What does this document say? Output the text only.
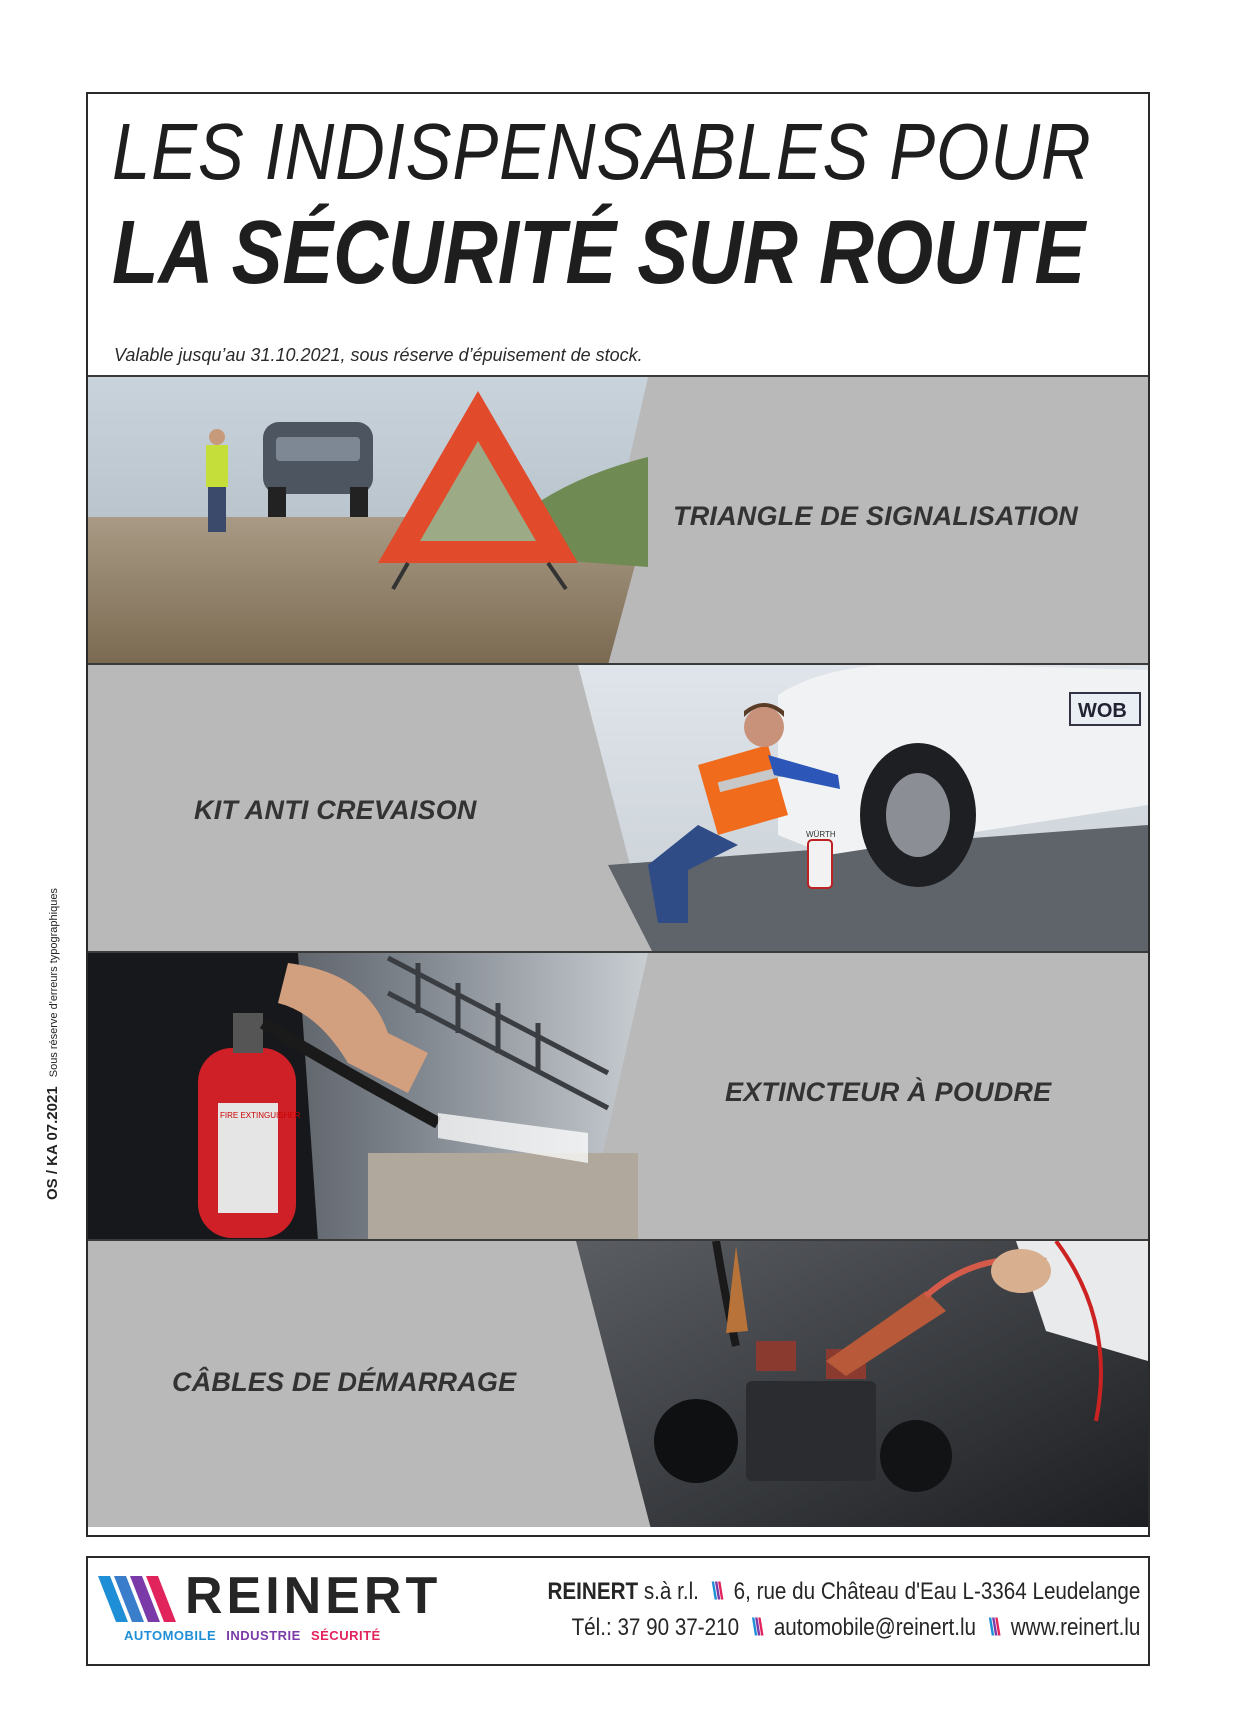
LES INDISPENSABLES POUR
LA SÉCURITÉ SUR ROUTE
Valable jusqu’au 31.10.2021, sous réserve d’épuisement de stock.
TRIANGLE DE SIGNALISATION
KIT ANTI CREVAISON
WOB
WÜRTH
FIRE EXTINGUISHER
EXTINCTEUR À POUDRE
CÂBLES DE DÉMARRAGE
OS / KA 07.2021 Sous réserve d'erreurs typographiques
REINERT
AUTOMOBILE INDUSTRIE SÉCURITÉ
REINERT s.à r.l. \\\ 6, rue du Château d'Eau L-3364 Leudelange
Tél.: 37 90 37-210 \\\ automobile@reinert.lu \\\ www.reinert.lu
